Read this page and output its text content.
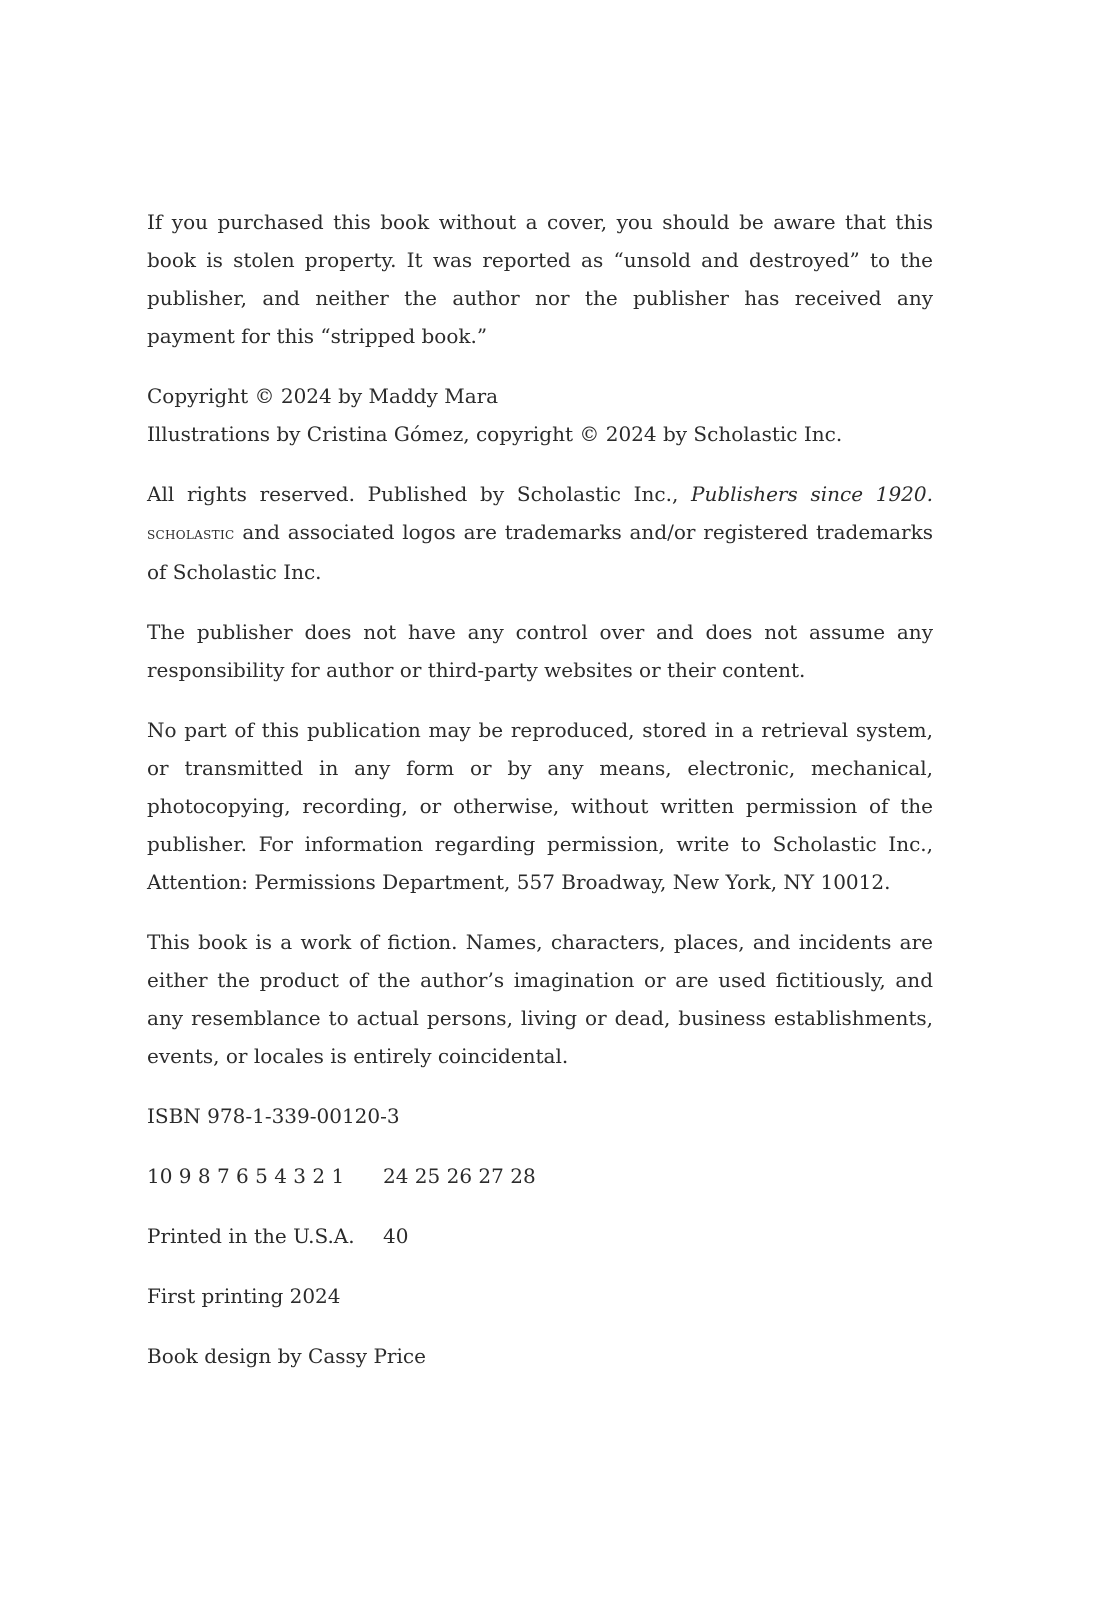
If you purchased this book without a cover, you should be aware that this book is stolen property. It was reported as “unsold and destroyed” to the publisher, and neither the author nor the publisher has received any payment for this “stripped book.”

Copyright © 2024 by Maddy Mara
Illustrations by Cristina Gómez, copyright © 2024 by Scholastic Inc.

All rights reserved. Published by Scholastic Inc., Publishers since 1920. scholastic and associated logos are trademarks and/or registered trademarks of Scholastic Inc.

The publisher does not have any control over and does not assume any responsibility for author or third-party websites or their content.

No part of this publication may be reproduced, stored in a retrieval system, or transmitted in any form or by any means, electronic, mechanical, photocopying, recording, or otherwise, without written permission of the publisher. For information regarding permission, write to Scholastic Inc., Attention: Permissions Department, 557 Broadway, New York, NY 10012.

This book is a work of fiction. Names, characters, places, and incidents are either the product of the author’s imagination or are used fictitiously, and any resemblance to actual persons, living or dead, business establishments, events, or locales is entirely coincidental.

ISBN 978-1-339-00120-3

10 9 8 7 6 5 4 3 2 1	24 25 26 27 28
Printed in the U.S.A.	40

First printing 2024

Book design by Cassy Price
